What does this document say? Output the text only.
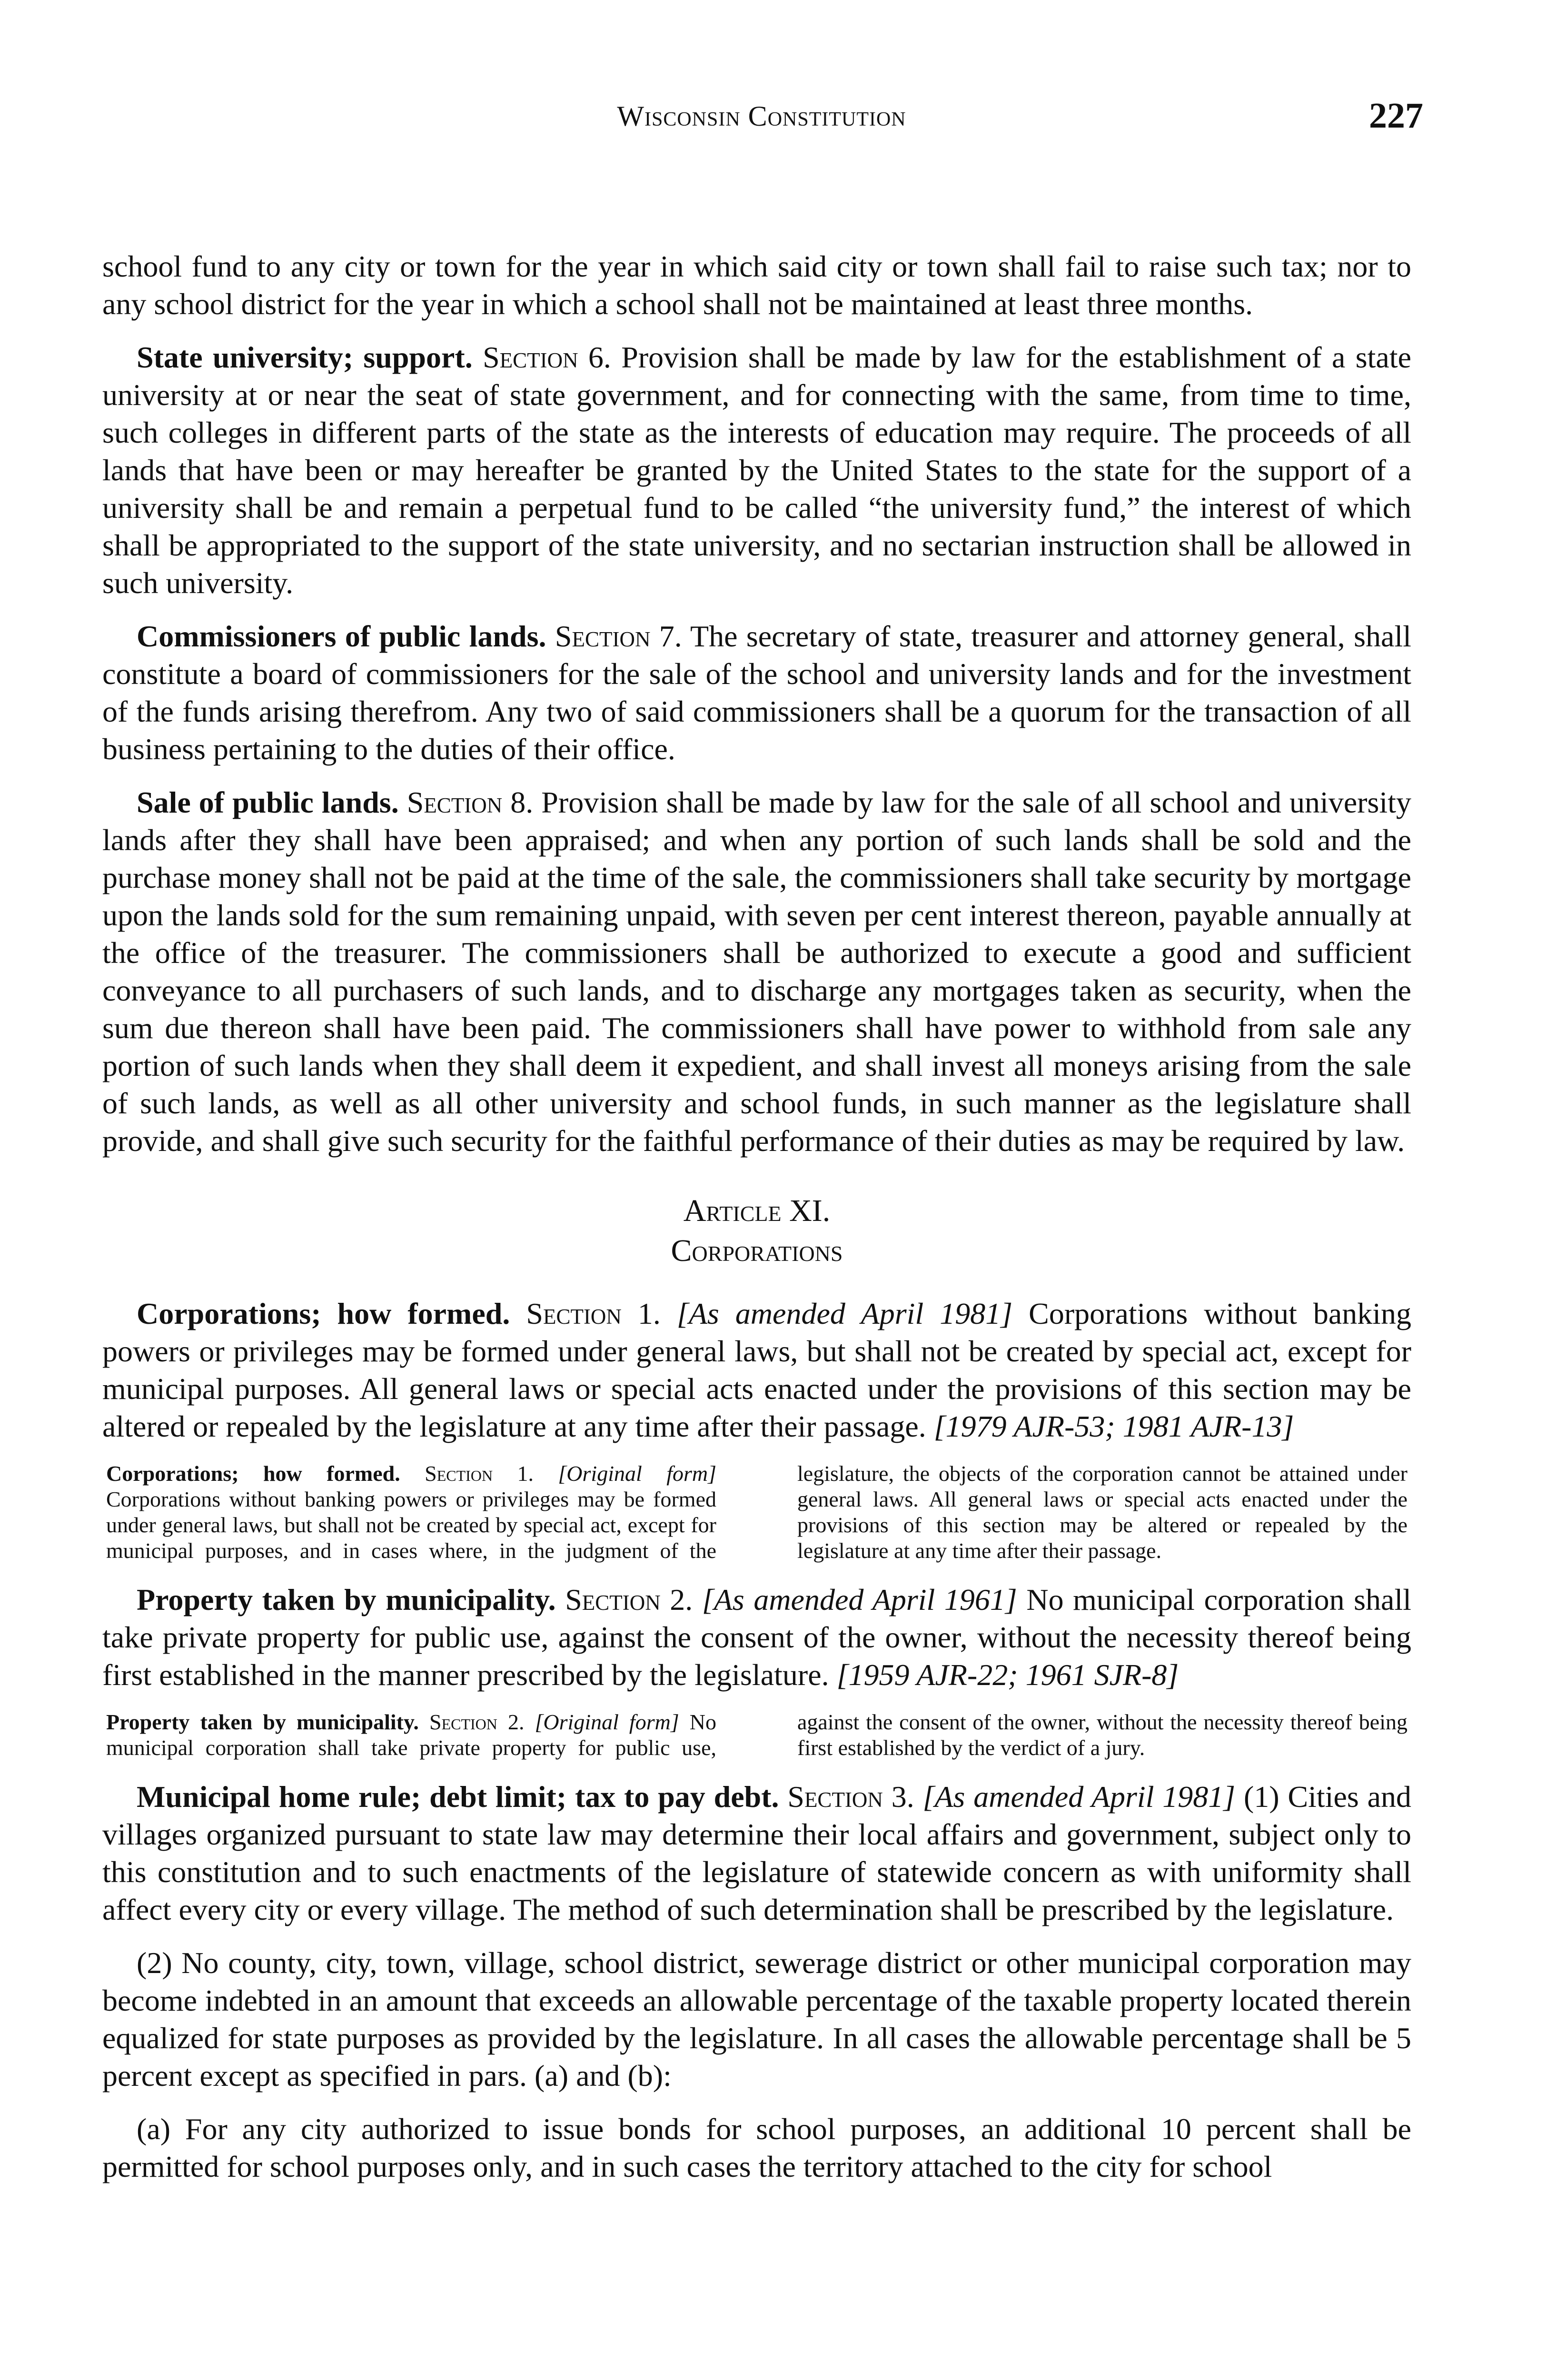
Wisconsin Constitution	227

school fund to any city or town for the year in which said city or town shall fail to raise such tax; nor to any school district for the year in which a school shall not be maintained at least three months.

State university; support. Section 6. Provision shall be made by law for the establishment of a state university at or near the seat of state government, and for connecting with the same, from time to time, such colleges in different parts of the state as the interests of education may require. The proceeds of all lands that have been or may hereafter be granted by the United States to the state for the support of a university shall be and remain a perpetual fund to be called “the university fund,” the interest of which shall be appropriated to the support of the state university, and no sectarian instruction shall be allowed in such university.

Commissioners of public lands. Section 7. The secretary of state, treasurer and attorney general, shall constitute a board of commissioners for the sale of the school and university lands and for the investment of the funds arising therefrom. Any two of said commissioners shall be a quorum for the transaction of all business pertaining to the duties of their office.

Sale of public lands. Section 8. Provision shall be made by law for the sale of all school and university lands after they shall have been appraised; and when any portion of such lands shall be sold and the purchase money shall not be paid at the time of the sale, the commissioners shall take security by mortgage upon the lands sold for the sum remaining unpaid, with seven per cent interest thereon, payable annually at the office of the treasurer. The commissioners shall be authorized to execute a good and sufficient conveyance to all purchasers of such lands, and to discharge any mortgages taken as security, when the sum due thereon shall have been paid. The commissioners shall have power to withhold from sale any portion of such lands when they shall deem it expedient, and shall invest all moneys arising from the sale of such lands, as well as all other university and school funds, in such manner as the legislature shall provide, and shall give such security for the faithful performance of their duties as may be required by law.

Article XI.
Corporations

Corporations; how formed. Section 1. [As amended April 1981] Corporations without banking powers or privileges may be formed under general laws, but shall not be created by special act, except for municipal purposes. All general laws or special acts enacted under the provisions of this section may be altered or repealed by the legislature at any time after their passage. [1979 AJR-53; 1981 AJR-13]

Corporations; how formed. Section 1. [Original form] Corporations without banking powers or privileges may be formed under general laws, but shall not be created by special act, except for municipal purposes, and in cases where, in the judgment of the legislature, the objects of the corporation cannot be attained under general laws. All general laws or special acts enacted under the provisions of this section may be altered or repealed by the legislature at any time after their passage.

Property taken by municipality. Section 2. [As amended April 1961] No municipal corporation shall take private property for public use, against the consent of the owner, without the necessity thereof being first established in the manner prescribed by the legislature. [1959 AJR-22; 1961 SJR-8]

Property taken by municipality. Section 2. [Original form] No municipal corporation shall take private property for public use, against the consent of the owner, without the necessity thereof being first established by the verdict of a jury.

Municipal home rule; debt limit; tax to pay debt. Section 3. [As amended April 1981] (1) Cities and villages organized pursuant to state law may determine their local affairs and government, subject only to this constitution and to such enactments of the legislature of statewide concern as with uniformity shall affect every city or every village. The method of such determination shall be prescribed by the legislature.

(2) No county, city, town, village, school district, sewerage district or other municipal corporation may become indebted in an amount that exceeds an allowable percentage of the taxable property located therein equalized for state purposes as provided by the legislature. In all cases the allowable percentage shall be 5 percent except as specified in pars. (a) and (b):

(a) For any city authorized to issue bonds for school purposes, an additional 10 percent shall be permitted for school purposes only, and in such cases the territory attached to the city for school
